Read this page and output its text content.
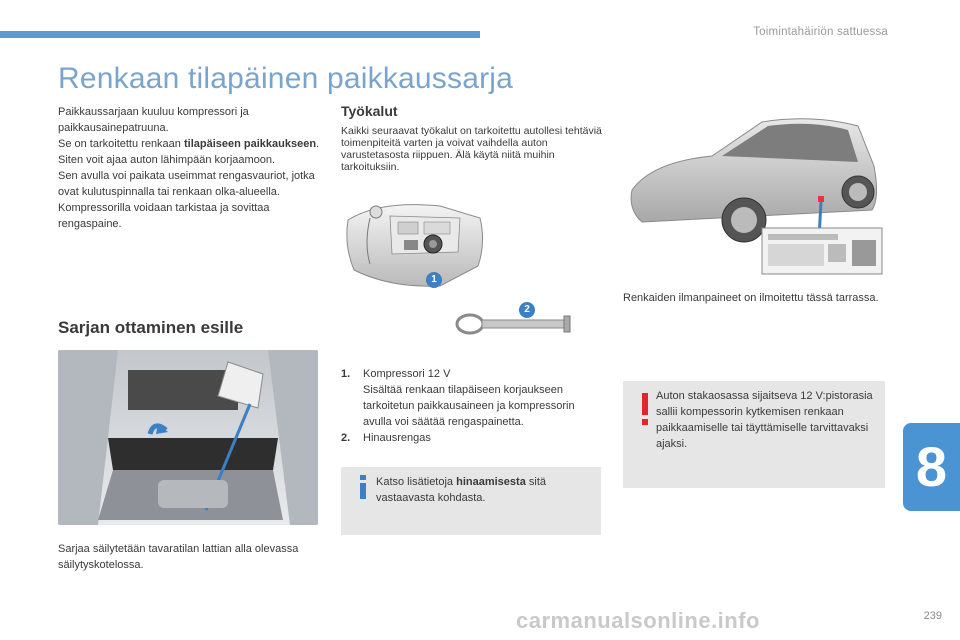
Toimintahäiriön sattuessa
Renkaan tilapäinen paikkaussarja

Paikkaussarjaan kuuluu kompressori ja paikkausainepatruuna.

Se on tarkoitettu renkaan tilapäiseen paikkaukseen.

Siten voit ajaa auton lähimpään korjaamoon.

Sen avulla voi paikata useimmat rengasvauriot, jotka ovat kulutuspinnalla tai renkaan olka-alueella.

Kompressorilla voidaan tarkistaa ja sovittaa rengaspaine.

Työkalut
Kaikki seuraavat työkalut on tarkoitettu autollesi tehtäviä toimenpiteitä varten ja voivat vaihdella auton varustetasosta riippuen. Älä käytä niitä muihin tarkoituksiin.
1
2
Renkaiden ilmanpaineet on ilmoitettu tässä tarrassa.
1.	Kompressori 12 V
Sisältää renkaan tilapäiseen korjaukseen tarkoitetun paikkausaineen ja kompressorin avulla voi säätää rengaspainetta.
2.	Hinausrengas
Katso lisätietoja hinaamisesta sitä vastaavasta kohdasta.
Auton stakaosassa sijaitseva 12 V:pistorasia sallii kompessorin kytkemisen renkaan paikkaamiselle tai täyttämiselle tarvittavaksi ajaksi.
Sarjan ottaminen esille
Sarjaa säilytetään tavaratilan lattian alla olevassa säilytyskotelossa.
8
carmanualsonline.info	239
